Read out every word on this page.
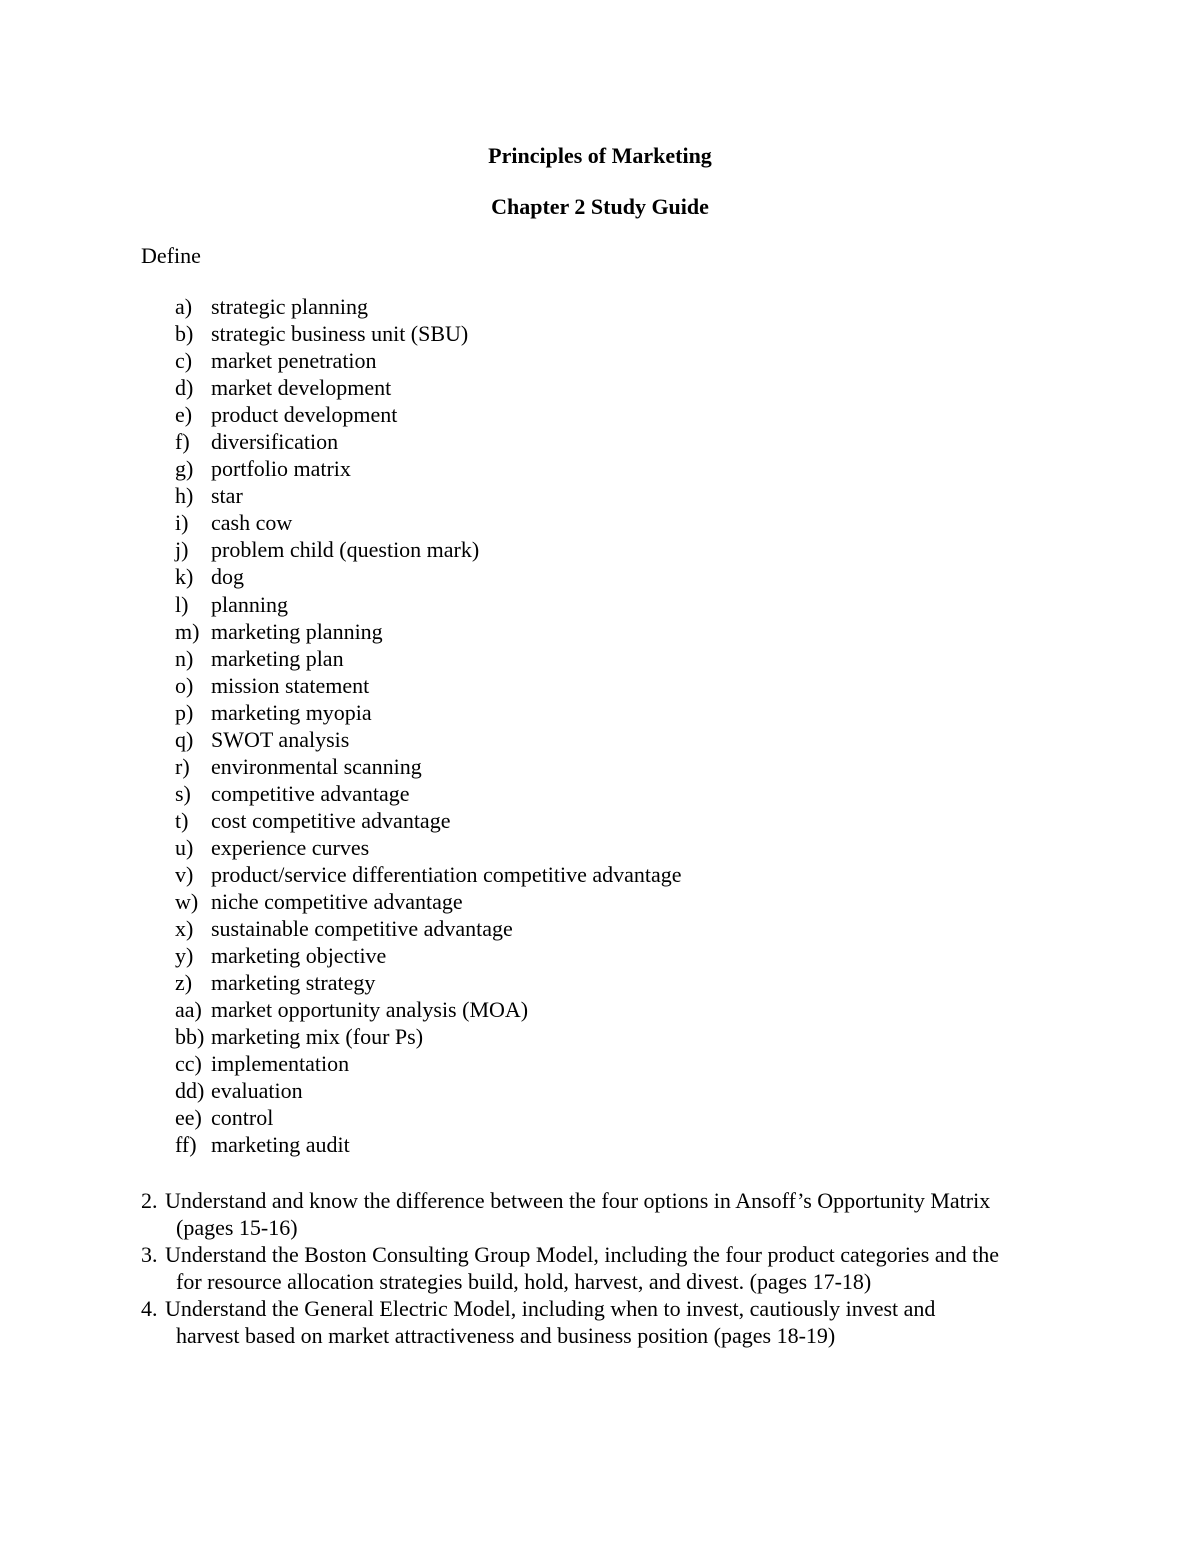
Principles of Marketing
Chapter 2 Study Guide
Define
a) strategic planning
b) strategic business unit (SBU)
c) market penetration
d) market development
e) product development
f) diversification
g) portfolio matrix
h) star
i) cash cow
j) problem child (question mark)
k) dog
l) planning
m) marketing planning
n) marketing plan
o) mission statement
p) marketing myopia
q) SWOT analysis
r) environmental scanning
s) competitive advantage
t) cost competitive advantage
u) experience curves
v) product/service differentiation competitive advantage
w) niche competitive advantage
x) sustainable competitive advantage
y) marketing objective
z) marketing strategy
aa) market opportunity analysis (MOA)
bb) marketing mix (four Ps)
cc) implementation
dd) evaluation
ee) control
ff) marketing audit
2. Understand and know the difference between the four options in Ansoff’s Opportunity Matrix
(pages 15-16)
3. Understand the Boston Consulting Group Model, including the four product categories and the
for resource allocation strategies build, hold, harvest, and divest. (pages 17-18)
4. Understand the General Electric Model, including when to invest, cautiously invest and
harvest based on market attractiveness and business position (pages 18-19)
